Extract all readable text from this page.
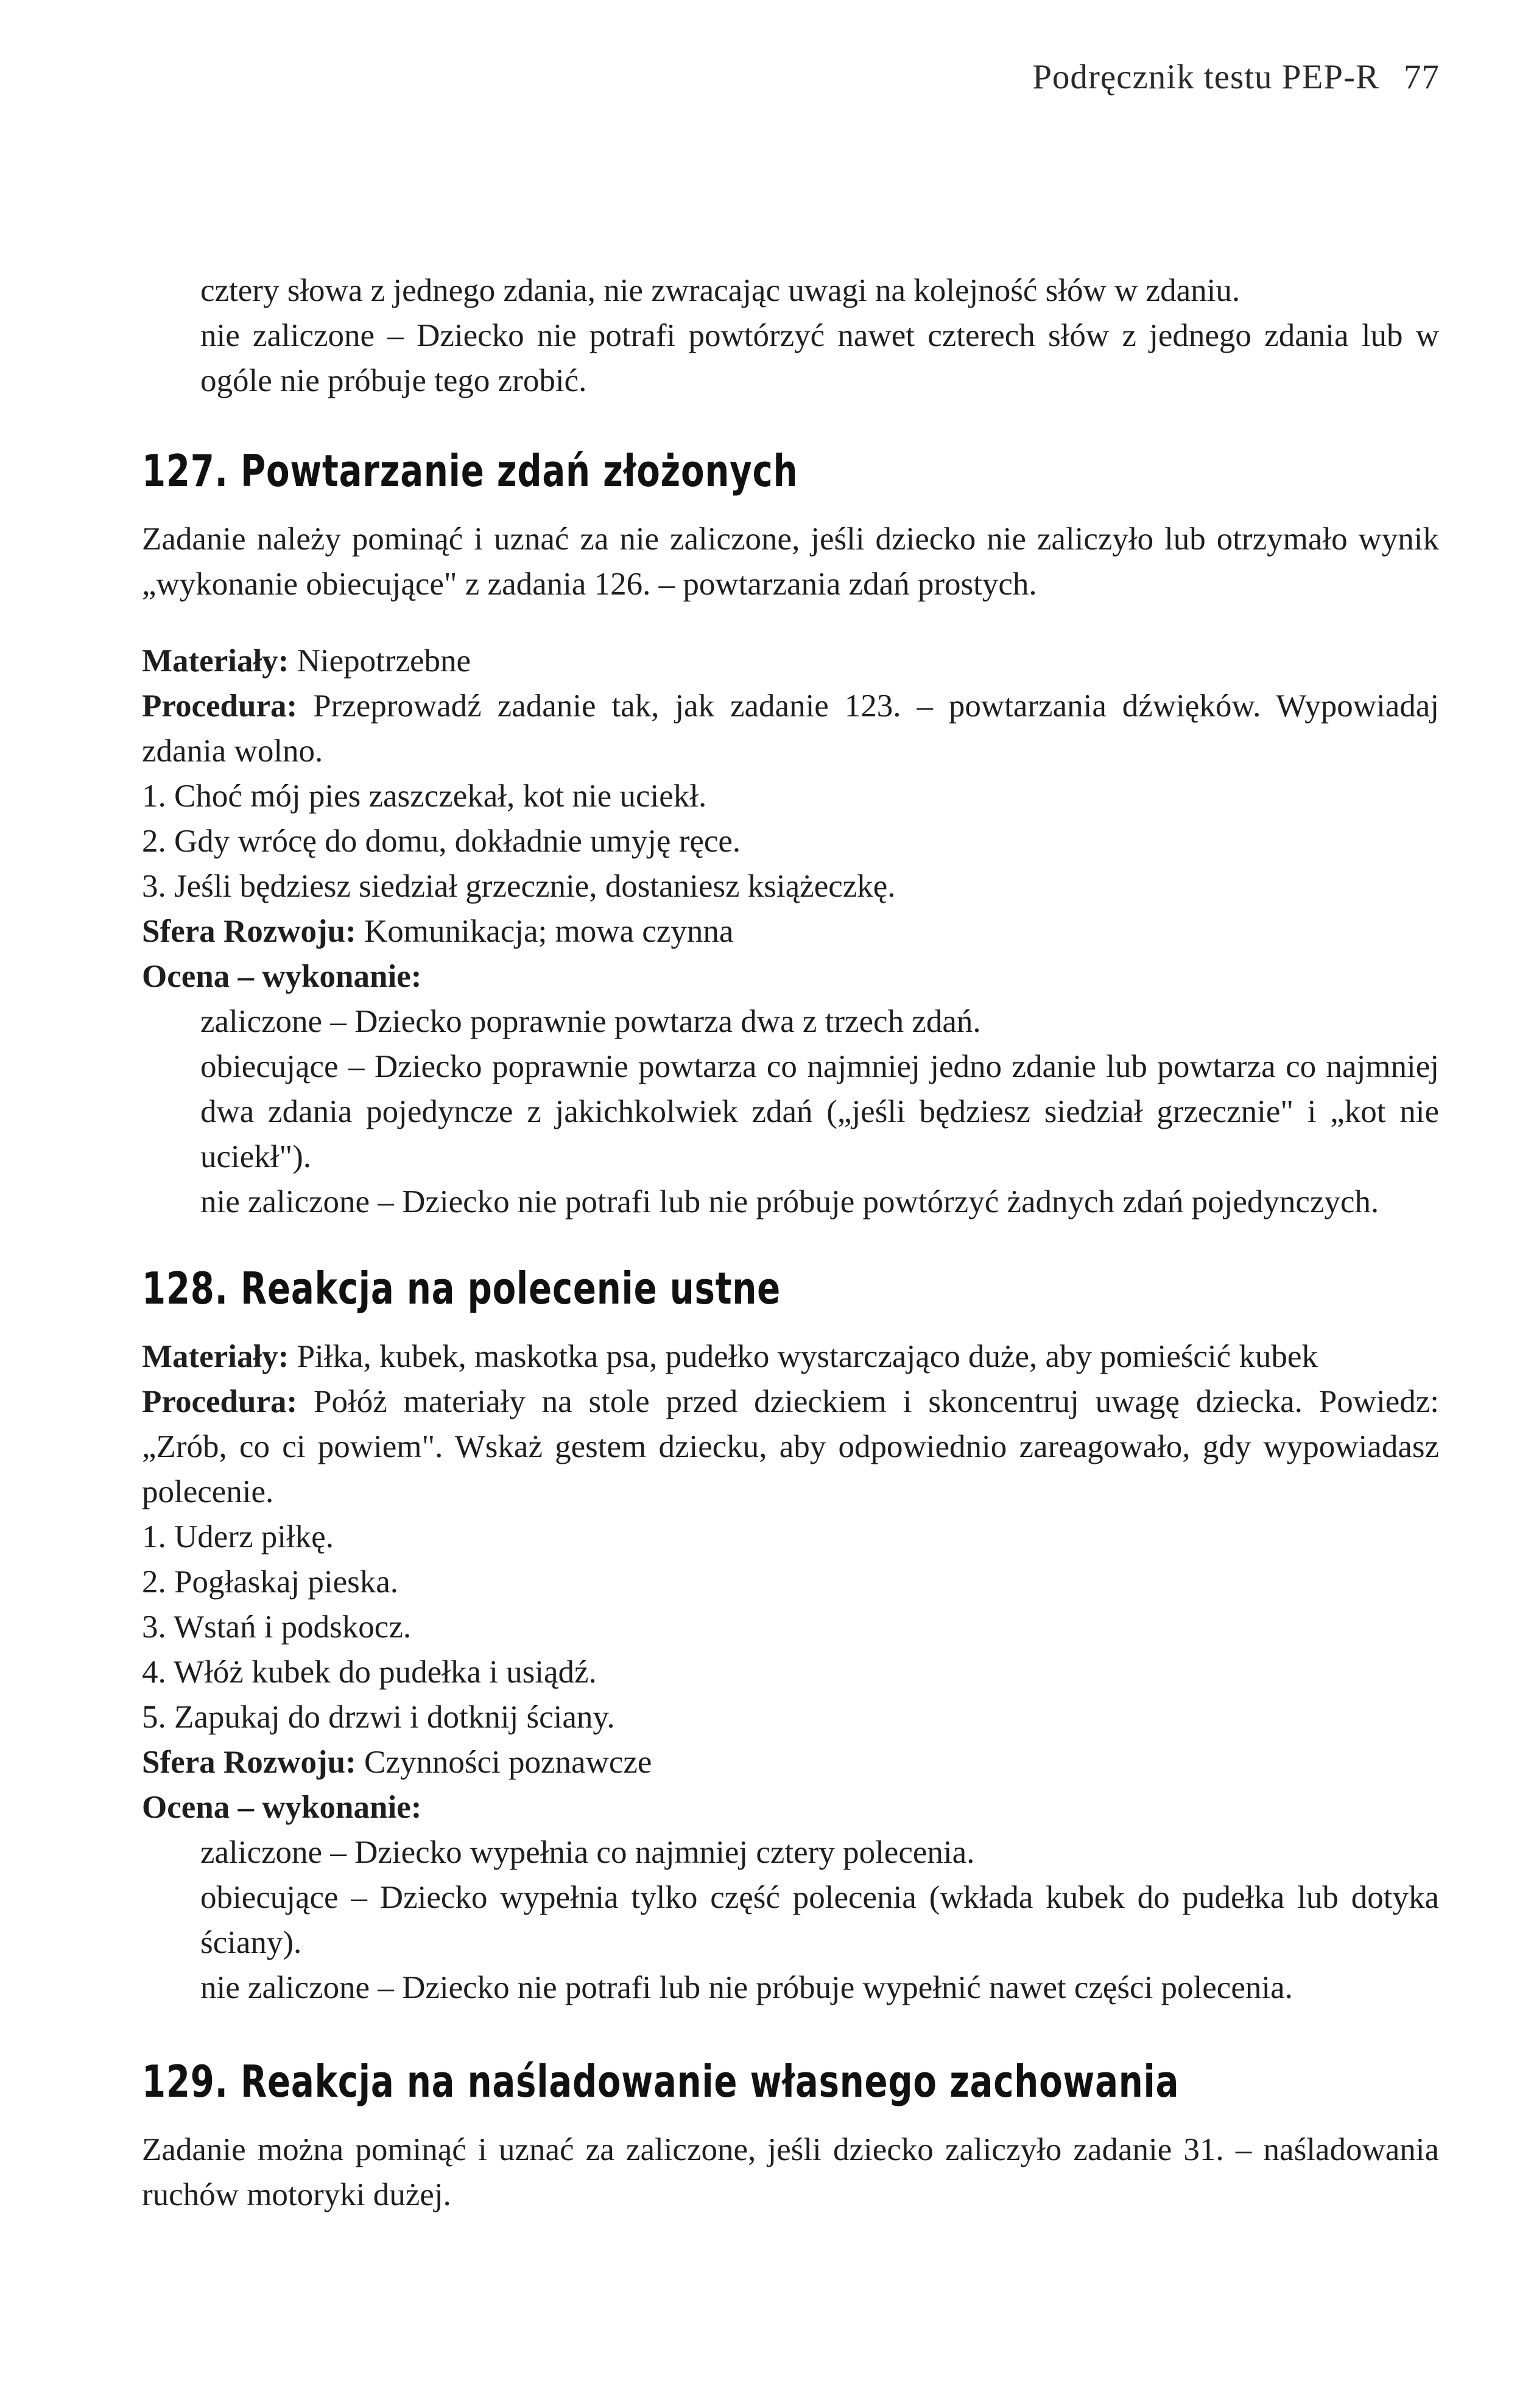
Podręcznik testu PEP-R 77

cztery słowa z jednego zdania, nie zwracając uwagi na kolejność słów w zdaniu.

nie zaliczone – Dziecko nie potrafi powtórzyć nawet czterech słów z jednego zdania lub w ogóle nie próbuje tego zrobić.

127. Powtarzanie zdań złożonych

Zadanie należy pominąć i uznać za nie zaliczone, jeśli dziecko nie zaliczyło lub otrzymało wynik „wykonanie obiecujące" z zadania 126. – powtarzania zdań prostych.

Materiały: Niepotrzebne

Procedura: Przeprowadź zadanie tak, jak zadanie 123. – powtarzania dźwięków. Wypowiadaj zdania wolno.

1. Choć mój pies zaszczekał, kot nie uciekł.

2. Gdy wrócę do domu, dokładnie umyję ręce.

3. Jeśli będziesz siedział grzecznie, dostaniesz książeczkę.

Sfera Rozwoju: Komunikacja; mowa czynna

Ocena – wykonanie:

zaliczone – Dziecko poprawnie powtarza dwa z trzech zdań.

obiecujące – Dziecko poprawnie powtarza co najmniej jedno zdanie lub powtarza co najmniej dwa zdania pojedyncze z jakichkolwiek zdań („jeśli będziesz siedział grzecznie" i „kot nie uciekł").

nie zaliczone – Dziecko nie potrafi lub nie próbuje powtórzyć żadnych zdań pojedynczych.

128. Reakcja na polecenie ustne

Materiały: Piłka, kubek, maskotka psa, pudełko wystarczająco duże, aby pomieścić kubek

Procedura: Połóż materiały na stole przed dzieckiem i skoncentruj uwagę dziecka. Powiedz: „Zrób, co ci powiem". Wskaż gestem dziecku, aby odpowiednio zareagowało, gdy wypowiadasz polecenie.

1. Uderz piłkę.

2. Pogłaskaj pieska.

3. Wstań i podskocz.

4. Włóż kubek do pudełka i usiądź.

5. Zapukaj do drzwi i dotknij ściany.

Sfera Rozwoju: Czynności poznawcze

Ocena – wykonanie:

zaliczone – Dziecko wypełnia co najmniej cztery polecenia.

obiecujące – Dziecko wypełnia tylko część polecenia (wkłada kubek do pudełka lub dotyka ściany).

nie zaliczone – Dziecko nie potrafi lub nie próbuje wypełnić nawet części polecenia.

129. Reakcja na naśladowanie własnego zachowania

Zadanie można pominąć i uznać za zaliczone, jeśli dziecko zaliczyło zadanie 31. – naśladowania ruchów motoryki dużej.
